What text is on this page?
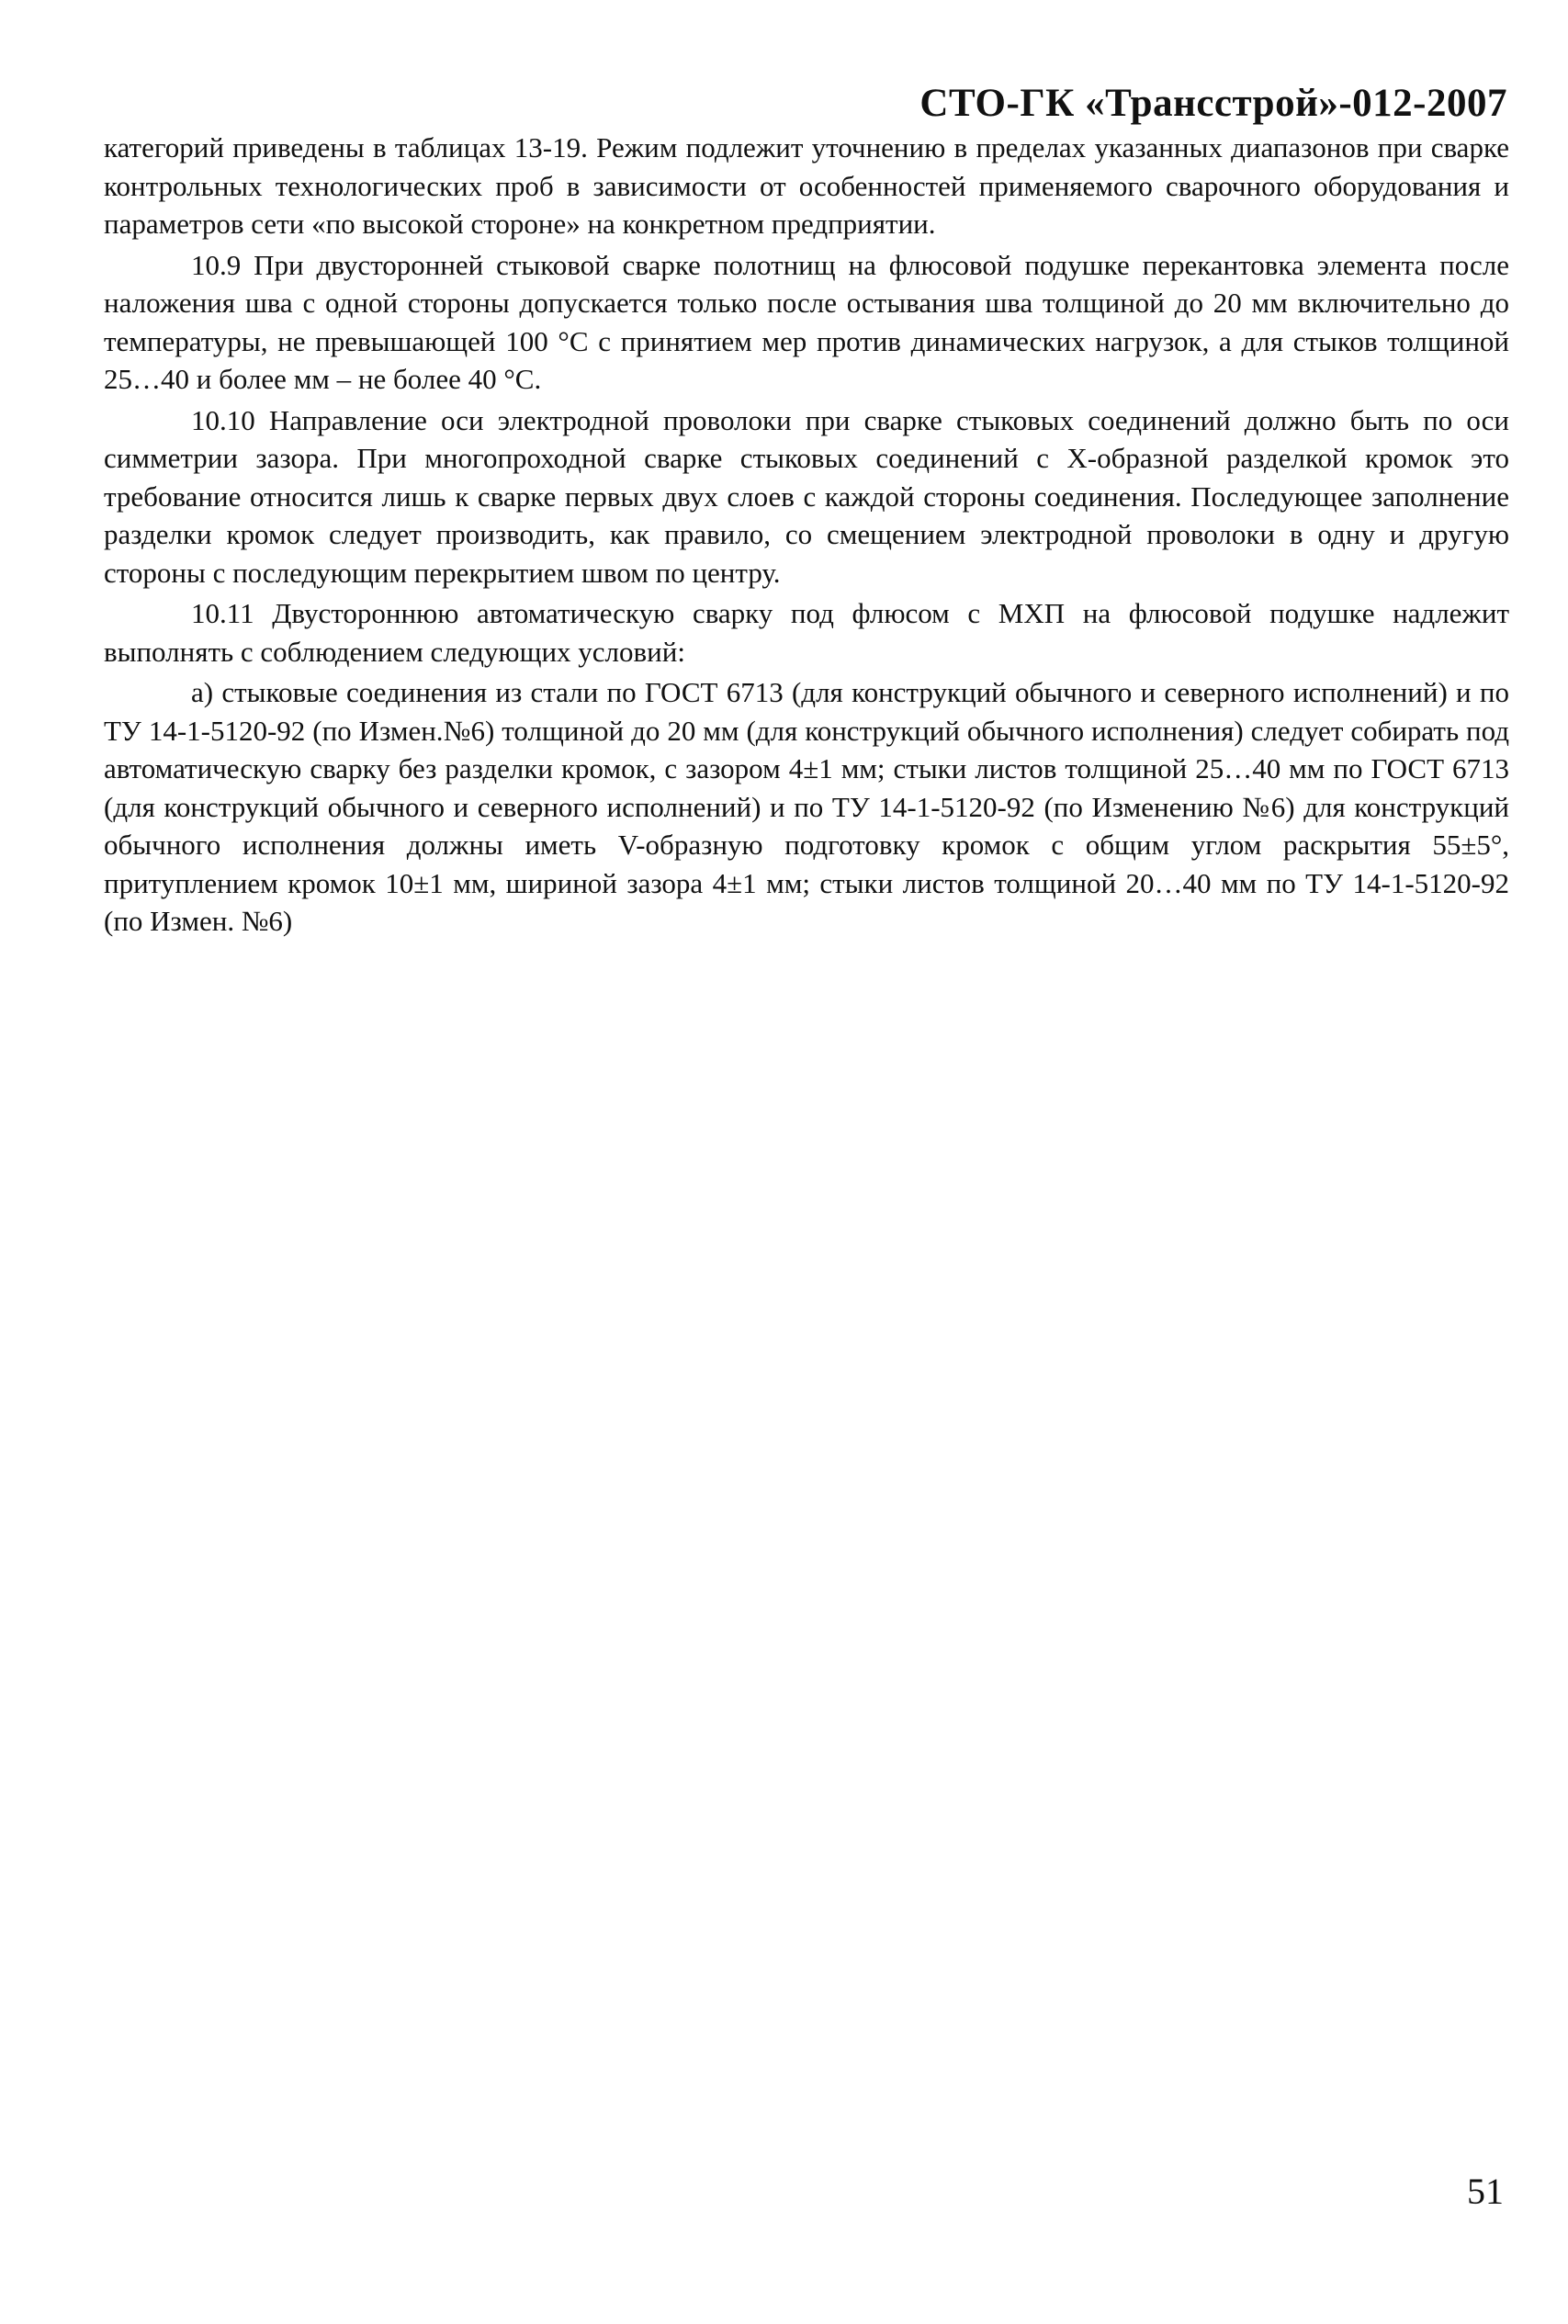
СТО-ГК «Трансстрой»-012-2007

категорий приведены в таблицах 13-19. Режим подлежит уточнению в пределах указанных диапазонов при сварке контрольных технологических проб в зависимости от особенностей применяемого сварочного оборудования и параметров сети «по высокой стороне» на конкретном предприятии.

10.9 При двусторонней стыковой сварке полотнищ на флюсовой подушке перекантовка элемента после наложения шва с одной стороны допускается только после остывания шва толщиной до 20 мм включительно до температуры, не превышающей 100 °С с принятием мер против динамических нагрузок, а для стыков толщиной 25…40 и более мм – не более 40 °С.

10.10 Направление оси электродной проволоки при сварке стыковых соединений должно быть по оси симметрии зазора. При многопроходной сварке стыковых соединений с Х-образной разделкой кромок это требование относится лишь к сварке первых двух слоев с каждой стороны соединения. Последующее заполнение разделки кромок следует производить, как правило, со смещением электродной проволоки в одну и другую стороны с последующим перекрытием швом по центру.

10.11 Двустороннюю автоматическую сварку под флюсом с МХП на флюсовой подушке надлежит выполнять с соблюдением следующих условий:

а) стыковые соединения из стали по ГОСТ 6713 (для конструкций обычного и северного исполнений) и по ТУ 14-1-5120-92 (по Измен.№6) толщиной до 20 мм (для конструкций обычного исполнения) следует собирать под автоматическую сварку без разделки кромок, с зазором 4±1 мм; стыки листов толщиной 25…40 мм по ГОСТ 6713 (для конструкций обычного и северного исполнений) и по ТУ 14-1-5120-92 (по Изменению №6) для конструкций обычного исполнения должны иметь V-образную подготовку кромок с общим углом раскрытия 55±5°, притуплением кромок 10±1 мм, шириной зазора 4±1 мм; стыки листов толщиной 20…40 мм по ТУ 14-1-5120-92 (по Измен. №6)

51
